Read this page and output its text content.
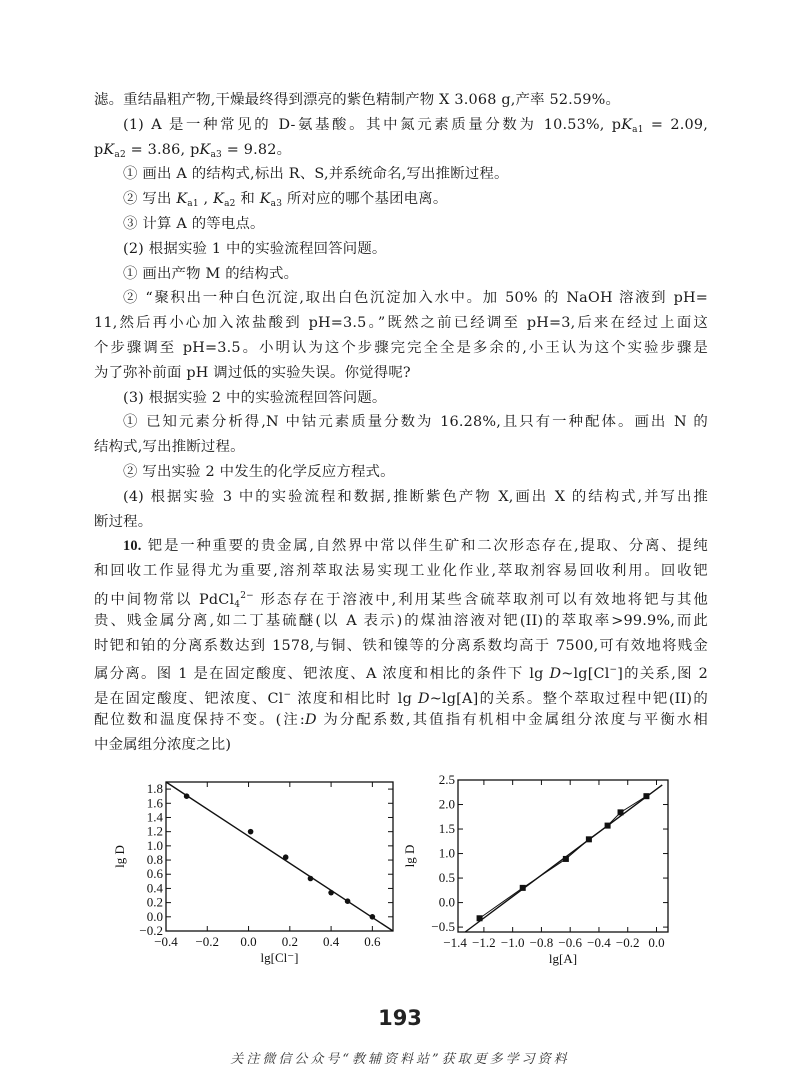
滤。重结晶粗产物,干燥最终得到漂亮的紫色精制产物 X 3.068 g,产率 52.59%。
(1) A 是一种常见的 D-氨基酸。其中氮元素质量分数为 10.53%, $pK_{a1} = 2.09$,
$pK_{a2} = 3.86$, $pK_{a3} = 9.82$。
① 画出 A 的结构式,标出 R、S,并系统命名,写出推断过程。
② 写出 $K_{a1}$ , $K_{a2}$ 和 $K_{a3}$ 所对应的哪个基团电离。
③ 计算 A 的等电点。
(2) 根据实验 1 中的实验流程回答问题。
① 画出产物 M 的结构式。
② “聚积出一种白色沉淀,取出白色沉淀加入水中。加 50% 的 NaOH 溶液到 pH=
11,然后再小心加入浓盐酸到 pH=3.5。”既然之前已经调至 pH=3,后来在经过上面这
个步骤调至 pH=3.5。小明认为这个步骤完完全全是多余的,小王认为这个实验步骤是
为了弥补前面 pH 调过低的实验失误。你觉得呢?
(3) 根据实验 2 中的实验流程回答问题。
① 已知元素分析得,N 中钴元素质量分数为 16.28%,且只有一种配体。画出 N 的
结构式,写出推断过程。
② 写出实验 2 中发生的化学反应方程式。
(4) 根据实验 3 中的实验流程和数据,推断紫色产物 X,画出 X 的结构式,并写出推
断过程。
10. 钯是一种重要的贵金属,自然界中常以伴生矿和二次形态存在,提取、分离、提纯
和回收工作显得尤为重要,溶剂萃取法易实现工业化作业,萃取剂容易回收利用。回收钯
的中间物常以 PdCl$_4^{2-}$ 形态存在于溶液中,利用某些含硫萃取剂可以有效地将钯与其他
贵、贱金属分离,如二丁基硫醚(以 A 表示)的煤油溶液对钯(II)的萃取率>99.9%,而此
时钯和铂的分离系数达到 1578,与铜、铁和镍等的分离系数均高于 7500,可有效地将贱金
属分离。图 1 是在固定酸度、钯浓度、A 浓度和相比的条件下 lg D~lg[Cl−]的关系,图 2
是在固定酸度、钯浓度、Cl− 浓度和相比时 lg D~lg[A]的关系。整个萃取过程中钯(II)的
配位数和温度保持不变。(注:D 为分配系数,其值指有机相中金属组分浓度与平衡水相
中金属组分浓度之比)
−0.4 −0.2 0.0 0.2 0.4 0.6
−0.2
0.0
0.2
0.4
0.6
0.8
1.0
1.2
1.4
1.6
1.8
lg[Cl⁻]
lg D
−1.4 −1.2 −1.0 −0.8 −0.6 −0.4 −0.2 0.0
−0.5
0.0
0.5
1.0
1.5
2.0
2.5
lg[A]
lg D
193
关注微信公众号“教辅资料站”获取更多学习资料
